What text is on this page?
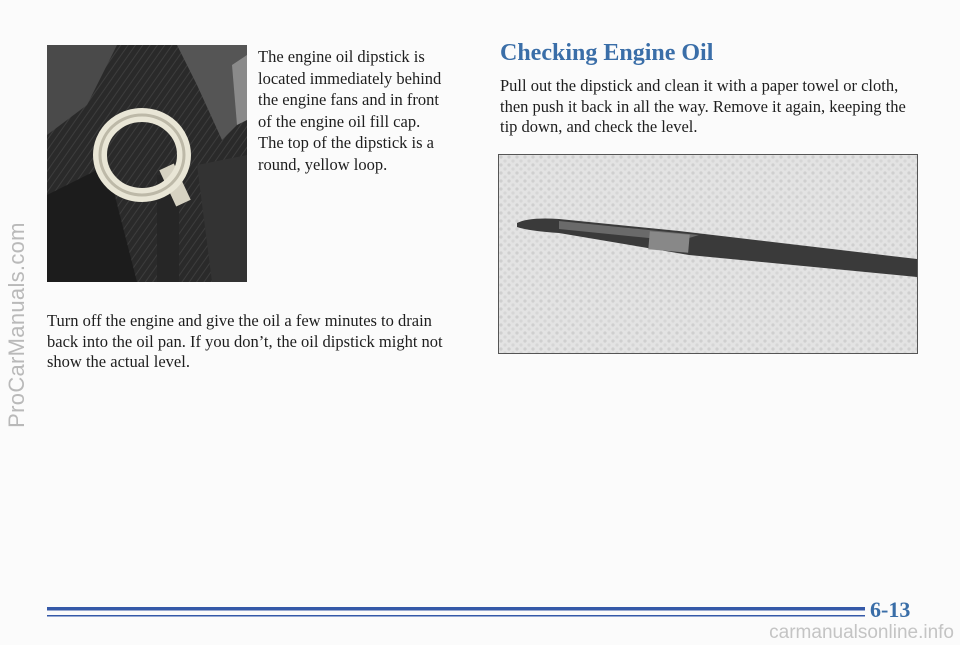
ProCarManuals.com

The engine oil dipstick is located immediately behind the engine fans and in front of the engine oil fill cap. The top of the dipstick is a round, yellow loop.

Turn off the engine and give the oil a few minutes to drain back into the oil pan. If you don’t, the oil dipstick might not show the actual level.

Checking Engine Oil

Pull out the dipstick and clean it with a paper towel or cloth, then push it back in all the way. Remove it again, keeping the tip down, and check the level.

6-13

carmanualsonline.info
